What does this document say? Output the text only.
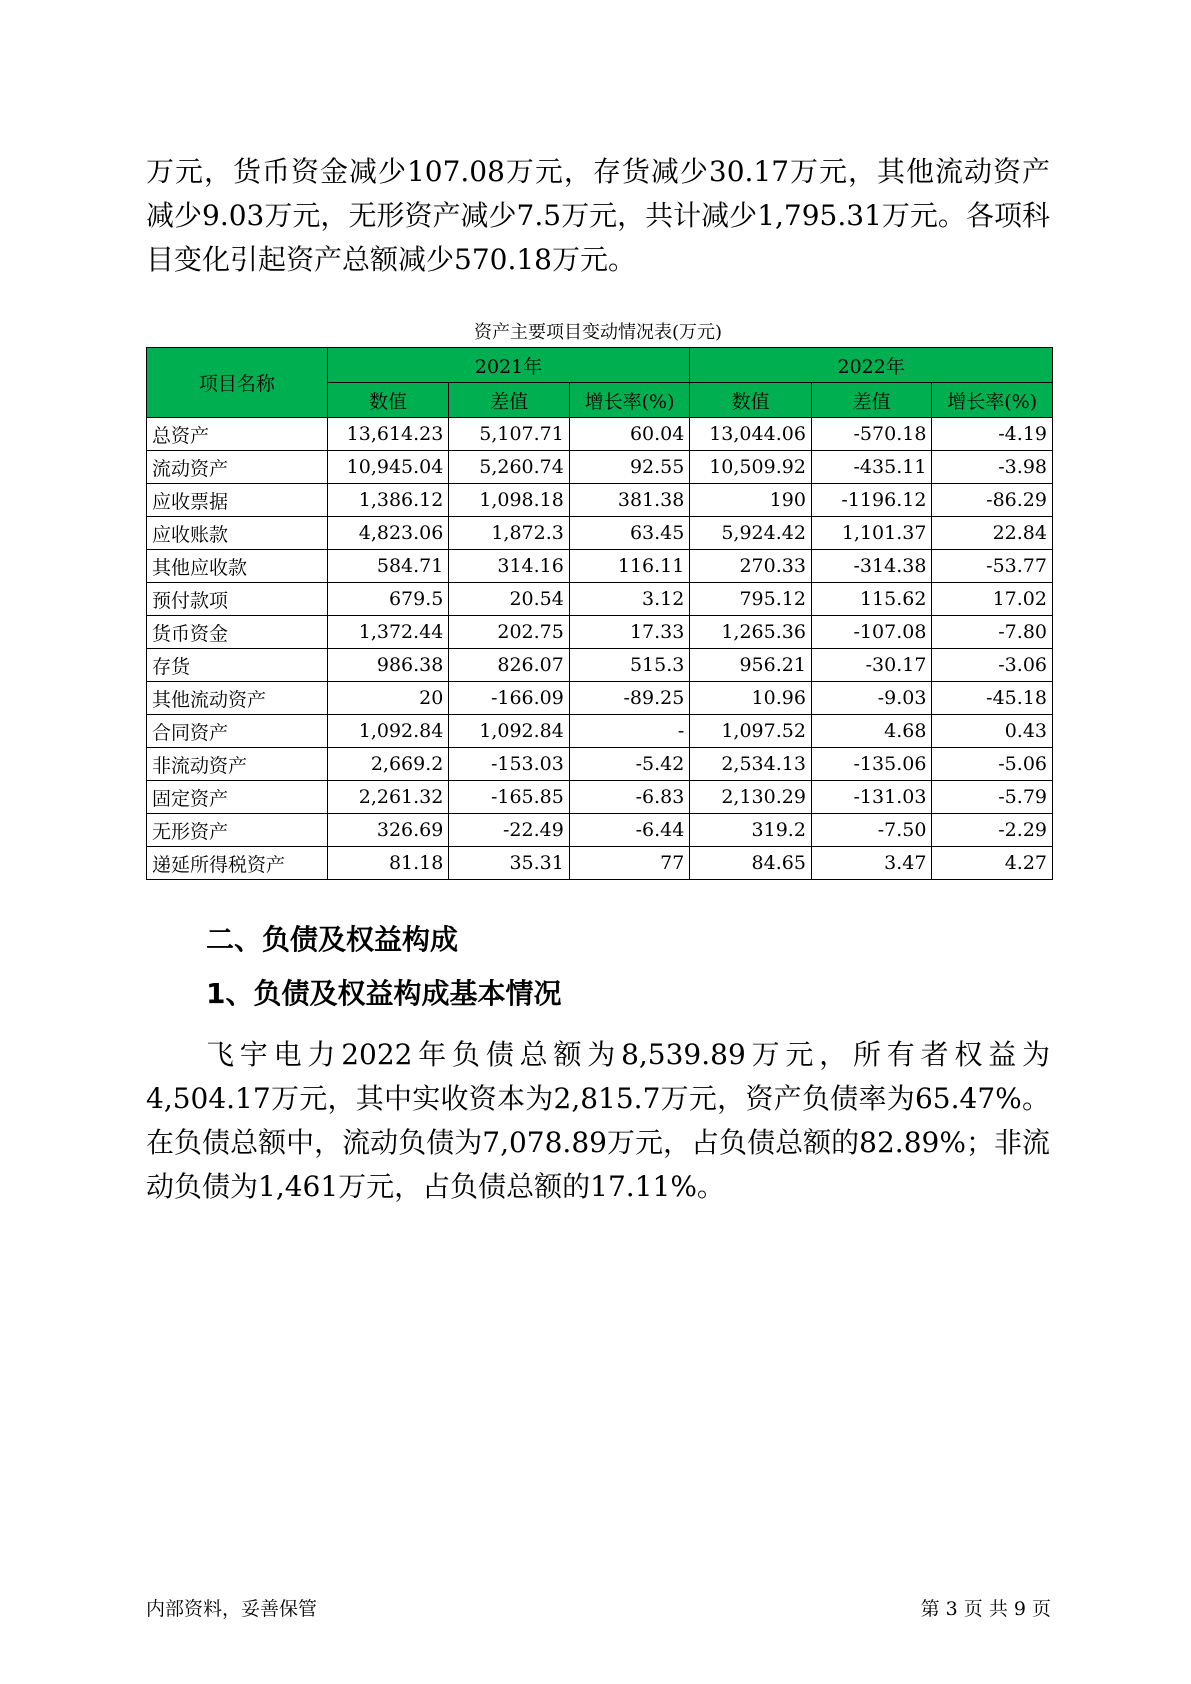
万元，货币资金减少107.08万元，存货减少30.17万元，其他流动资产减少9.03万元，无形资产减少7.5万元，共计减少1,795.31万元。各项科目变化引起资产总额减少570.18万元。

资产主要项目变动情况表(万元)
项目名称	2021年			2022年		
	数值	差值	增长率(%)	数值	差值	增长率(%)
总资产	13,614.23	5,107.71	60.04	13,044.06	-570.18	-4.19
流动资产	10,945.04	5,260.74	92.55	10,509.92	-435.11	-3.98
应收票据	1,386.12	1,098.18	381.38	190	-1196.12	-86.29
应收账款	4,823.06	1,872.3	63.45	5,924.42	1,101.37	22.84
其他应收款	584.71	314.16	116.11	270.33	-314.38	-53.77
预付款项	679.5	20.54	3.12	795.12	115.62	17.02
货币资金	1,372.44	202.75	17.33	1,265.36	-107.08	-7.80
存货	986.38	826.07	515.3	956.21	-30.17	-3.06
其他流动资产	20	-166.09	-89.25	10.96	-9.03	-45.18
合同资产	1,092.84	1,092.84	-	1,097.52	4.68	0.43
非流动资产	2,669.2	-153.03	-5.42	2,534.13	-135.06	-5.06
固定资产	2,261.32	-165.85	-6.83	2,130.29	-131.03	-5.79
无形资产	326.69	-22.49	-6.44	319.2	-7.50	-2.29
递延所得税资产	81.18	35.31	77	84.65	3.47	4.27
二、负债及权益构成
1、负债及权益构成基本情况

飞宇电力2022年负债总额为8,539.89万元，所有者权益为4,504.17万元，其中实收资本为2,815.7万元，资产负债率为65.47%。在负债总额中，流动负债为7,078.89万元，占负债总额的82.89%；非流动负债为1,461万元，占负债总额的17.11%。

内部资料，妥善保管	第 3 页 共 9 页
